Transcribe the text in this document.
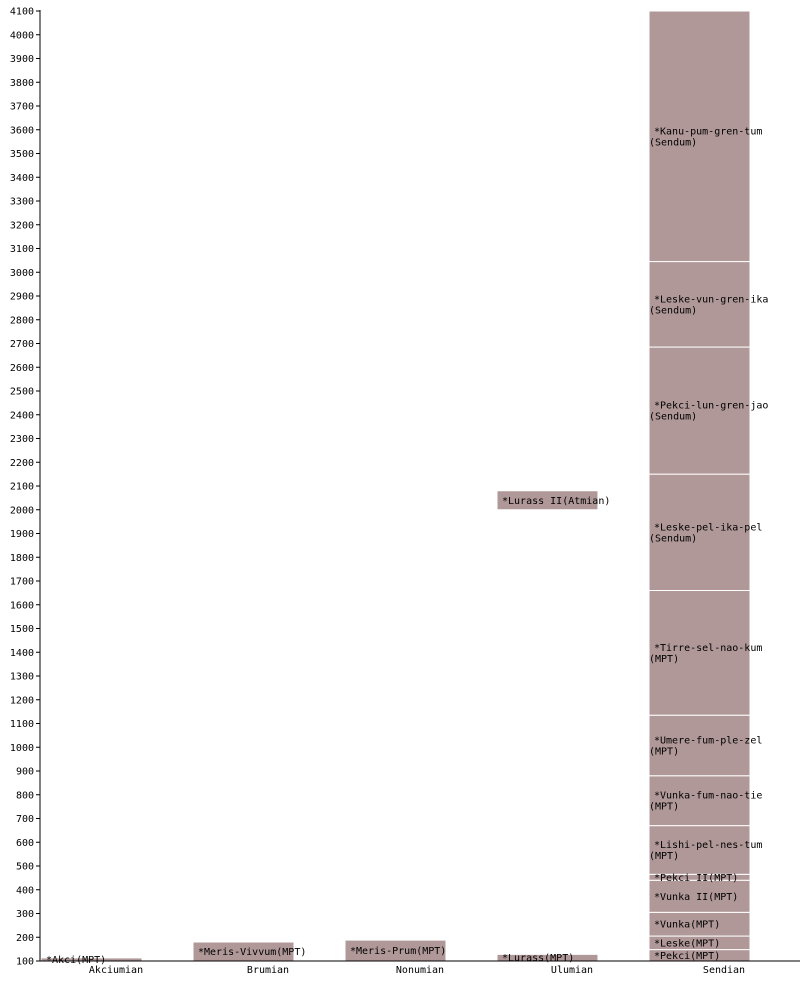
100
200
300
400
500
600
700
800
900
1000
1100
1200
1300
1400
1500
1600
1700
1800
1900
2000
2100
2200
2300
2400
2500
2600
2700
2800
2900
3000
3100
3200
3300
3400
3500
3600
3700
3800
3900
4000
4100
Akciumian	Brumian	Nonumian	Ulumian	Sendian
*Akci(MPT)
*Meris-Vivvum(MPT)	*Meris-Prum(MPT)
*Lurass(MPT)
*Lurass II(Atmian)
*Pekci(MPT)
*Leske(MPT)
*Vunka(MPT)
*Vunka II(MPT)
*Pekci II(MPT)
*Lishi-pel-nes-tum
(MPT)
*Vunka-fum-nao-tie
(MPT)
*Umere-fum-ple-zel
(MPT)
*Tirre-sel-nao-kum
(MPT)
*Leske-pel-ika-pel
(Sendum)
*Pekci-lun-gren-jao
(Sendum)
*Leske-vun-gren-ika
(Sendum)
*Kanu-pum-gren-tum
(Sendum)
